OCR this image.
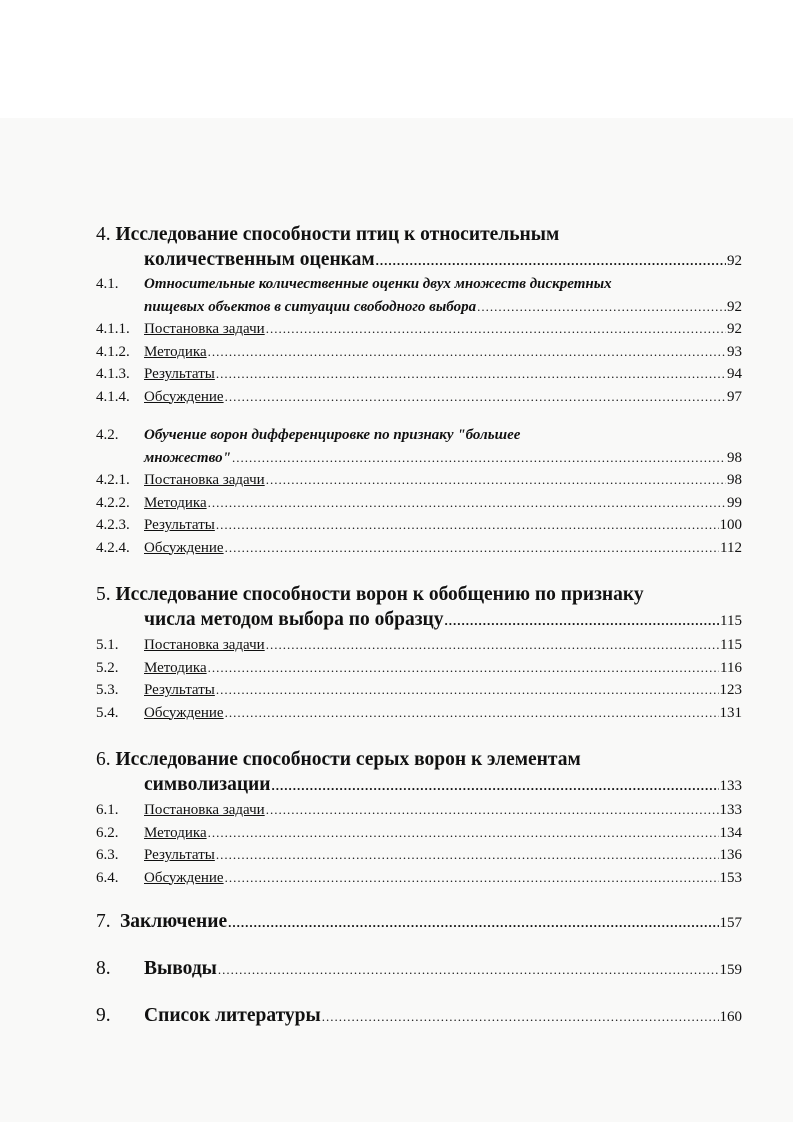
4. Исследование способности птиц к относительным
количественным оценкам .....	92
4.1.	Относительные количественные оценки двух множеств дискретных
пищевых объектов в ситуации свободного выбора .....	92
4.1.1. Постановка задачи .....	92
4.1.2. Методика .....	93
4.1.3. Результаты .....	94
4.1.4. Обсуждение .....	97
4.2.	Обучение ворон дифференцировке по признаку "большее
множество" .....	98
4.2.1. Постановка задачи .....	98
4.2.2. Методика .....	99
4.2.3. Результаты .....	100
4.2.4. Обсуждение .....	112
5. Исследование способности ворон к обобщению по признаку
числа методом выбора по образцу .....	115
5.1.	Постановка задачи .....	115
5.2.	Методика .....	116
5.3.	Результаты .....	123
5.4.	Обсуждение .....	131
6. Исследование способности серых ворон к элементам
символизации .....	133
6.1.	Постановка задачи .....	133
6.2.	Методика .....	134
6.3.	Результаты .....	136
6.4.	Обсуждение .....	153
7. Заключение .....	157
8.	Выводы .....	159
9.	Список литературы .....	160
